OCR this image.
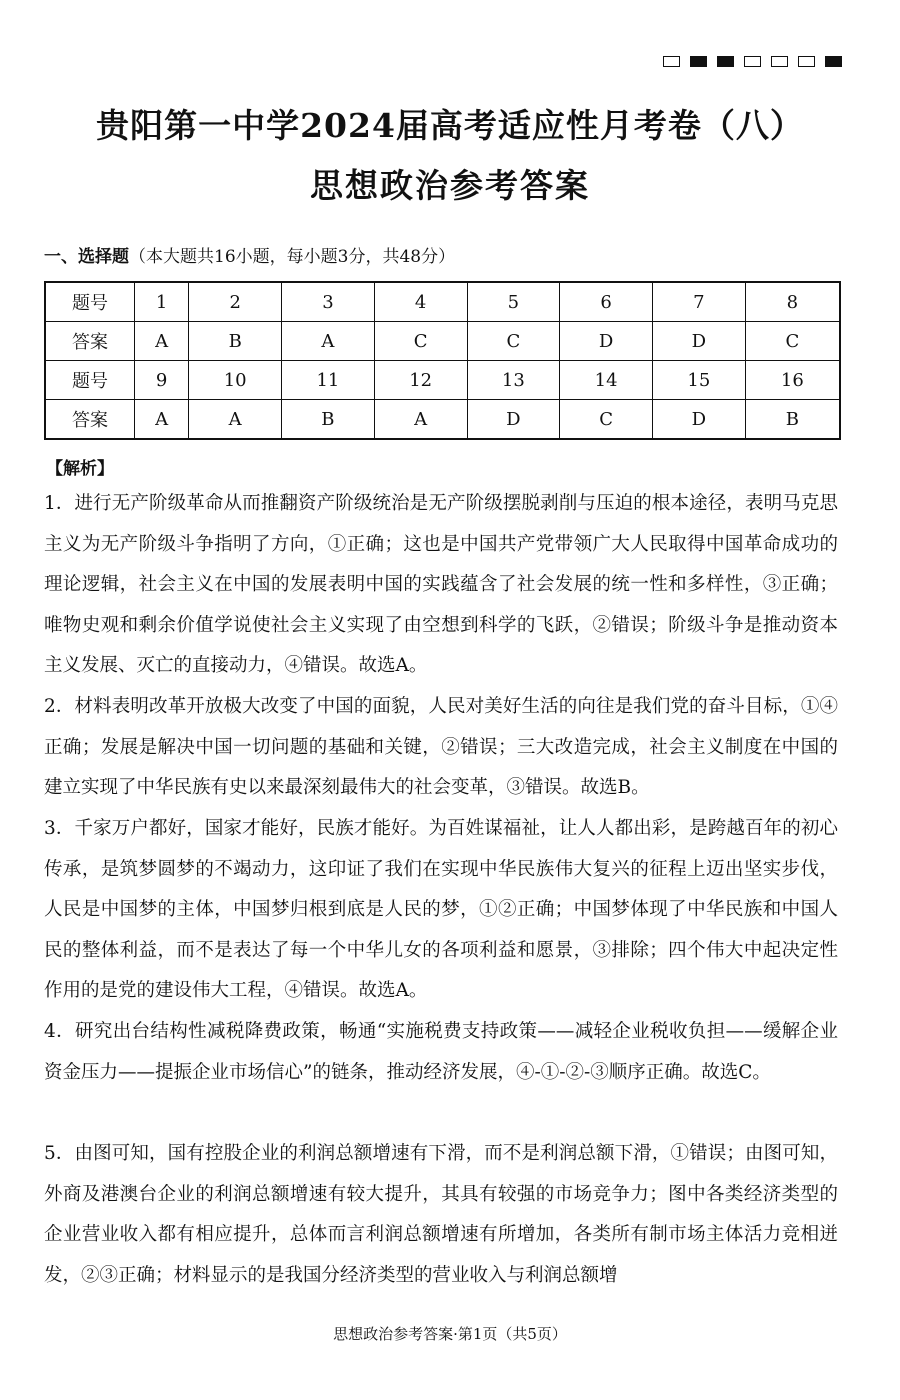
贵阳第一中学2024届高考适应性月考卷（八）
思想政治参考答案
一、选择题（本大题共16小题，每小题3分，共48分）
题号	1	2	3	4	5	6	7	8
答案	A	B	A	C	C	D	D	C
题号	9	10	11	12	13	14	15	16
答案	A	A	B	A	D	C	D	B
【解析】
1．进行无产阶级革命从而推翻资产阶级统治是无产阶级摆脱剥削与压迫的根本途径，表明马克思主义为无产阶级斗争指明了方向，①正确；这也是中国共产党带领广大人民取得中国革命成功的理论逻辑，社会主义在中国的发展表明中国的实践蕴含了社会发展的统一性和多样性，③正确；唯物史观和剩余价值学说使社会主义实现了由空想到科学的飞跃，②错误；阶级斗争是推动资本主义发展、灭亡的直接动力，④错误。故选A。
2．材料表明改革开放极大改变了中国的面貌，人民对美好生活的向往是我们党的奋斗目标，①④正确；发展是解决中国一切问题的基础和关键，②错误；三大改造完成，社会主义制度在中国的建立实现了中华民族有史以来最深刻最伟大的社会变革，③错误。故选B。
3．千家万户都好，国家才能好，民族才能好。为百姓谋福祉，让人人都出彩，是跨越百年的初心传承，是筑梦圆梦的不竭动力，这印证了我们在实现中华民族伟大复兴的征程上迈出坚实步伐，人民是中国梦的主体，中国梦归根到底是人民的梦，①②正确；中国梦体现了中华民族和中国人民的整体利益，而不是表达了每一个中华儿女的各项利益和愿景，③排除；四个伟大中起决定性作用的是党的建设伟大工程，④错误。故选A。
4．研究出台结构性减税降费政策，畅通“实施税费支持政策——减轻企业税收负担——缓解企业资金压力——提振企业市场信心”的链条，推动经济发展，④-①-②-③顺序正确。故选C。
5．由图可知，国有控股企业的利润总额增速有下滑，而不是利润总额下滑，①错误；由图可知，外商及港澳台企业的利润总额增速有较大提升，其具有较强的市场竞争力；图中各类经济类型的企业营业收入都有相应提升，总体而言利润总额增速有所增加，各类所有制市场主体活力竞相迸发，②③正确；材料显示的是我国分经济类型的营业收入与利润总额增
思想政治参考答案·第1页（共5页）
